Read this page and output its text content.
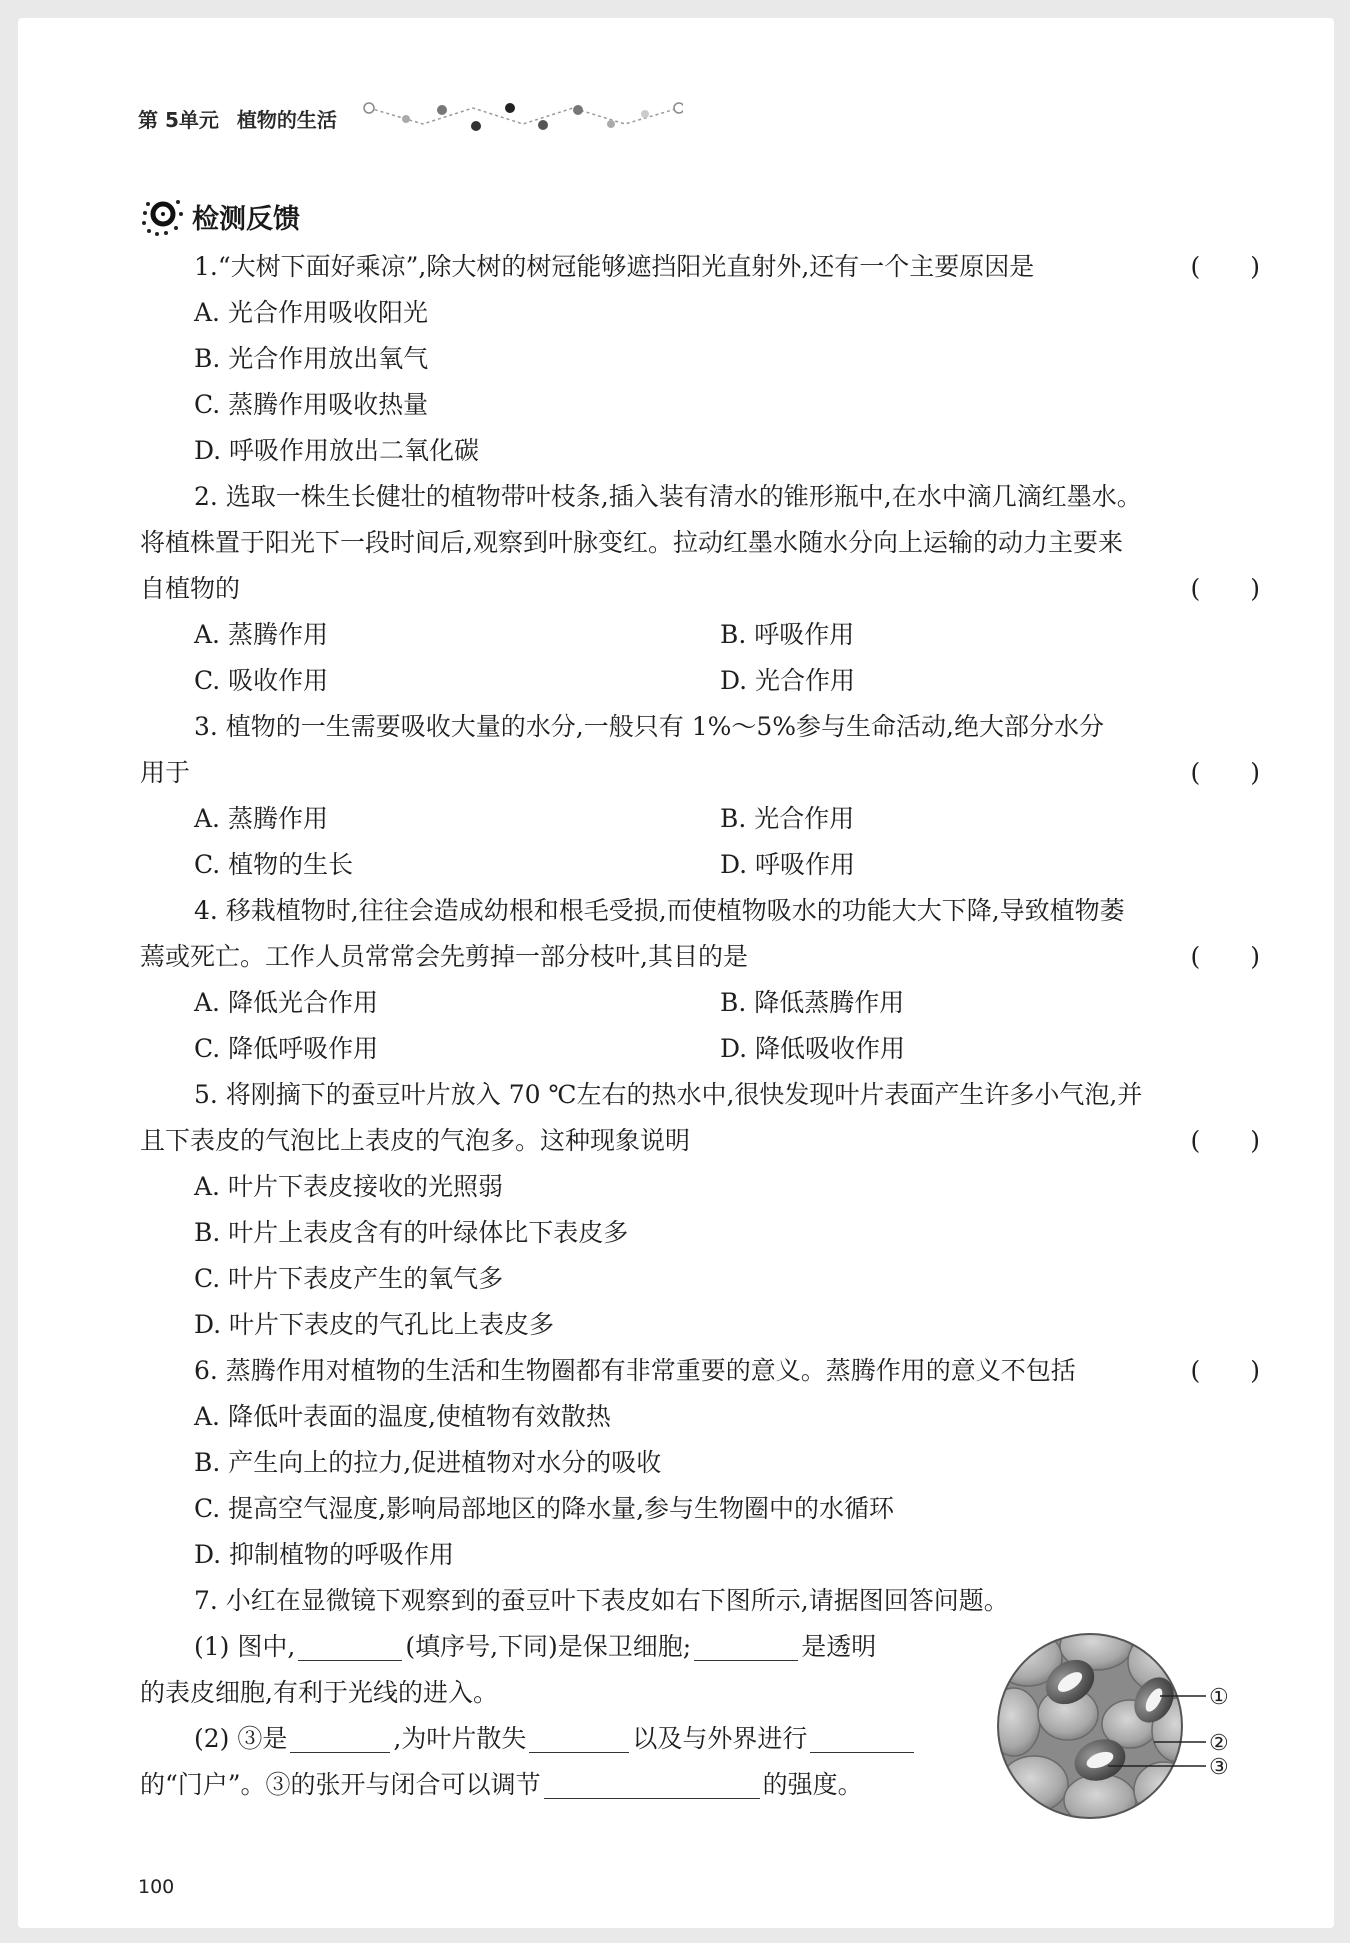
第 5单元 植物的生活
检测反馈
1.“大树下面好乘凉”,除大树的树冠能够遮挡阳光直射外,还有一个主要原因是	(　　)
A. 光合作用吸收阳光
B. 光合作用放出氧气
C. 蒸腾作用吸收热量
D. 呼吸作用放出二氧化碳
2. 选取一株生长健壮的植物带叶枝条,插入装有清水的锥形瓶中,在水中滴几滴红墨水。
将植株置于阳光下一段时间后,观察到叶脉变红。拉动红墨水随水分向上运输的动力主要来
自植物的	(　　)
A. 蒸腾作用	B. 呼吸作用
C. 吸收作用	D. 光合作用
3. 植物的一生需要吸收大量的水分,一般只有 1%～5%参与生命活动,绝大部分水分
用于	(　　)
A. 蒸腾作用	B. 光合作用
C. 植物的生长	D. 呼吸作用
4. 移栽植物时,往往会造成幼根和根毛受损,而使植物吸水的功能大大下降,导致植物萎
蔫或死亡。工作人员常常会先剪掉一部分枝叶,其目的是	(　　)
A. 降低光合作用	B. 降低蒸腾作用
C. 降低呼吸作用	D. 降低吸收作用
5. 将刚摘下的蚕豆叶片放入 70 ℃左右的热水中,很快发现叶片表面产生许多小气泡,并
且下表皮的气泡比上表皮的气泡多。这种现象说明	(　　)
A. 叶片下表皮接收的光照弱
B. 叶片上表皮含有的叶绿体比下表皮多
C. 叶片下表皮产生的氧气多
D. 叶片下表皮的气孔比上表皮多
6. 蒸腾作用对植物的生活和生物圈都有非常重要的意义。蒸腾作用的意义不包括	(　　)
A. 降低叶表面的温度,使植物有效散热
B. 产生向上的拉力,促进植物对水分的吸收
C. 提高空气湿度,影响局部地区的降水量,参与生物圈中的水循环
D. 抑制植物的呼吸作用
7. 小红在显微镜下观察到的蚕豆叶下表皮如右下图所示,请据图回答问题。
(1) 图中,	(填序号,下同)是保卫细胞;	是透明
的表皮细胞,有利于光线的进入。
(2) ③是	,为叶片散失	以及与外界进行
的“门户”。③的张开与闭合可以调节	的强度。
①
②
③
100
